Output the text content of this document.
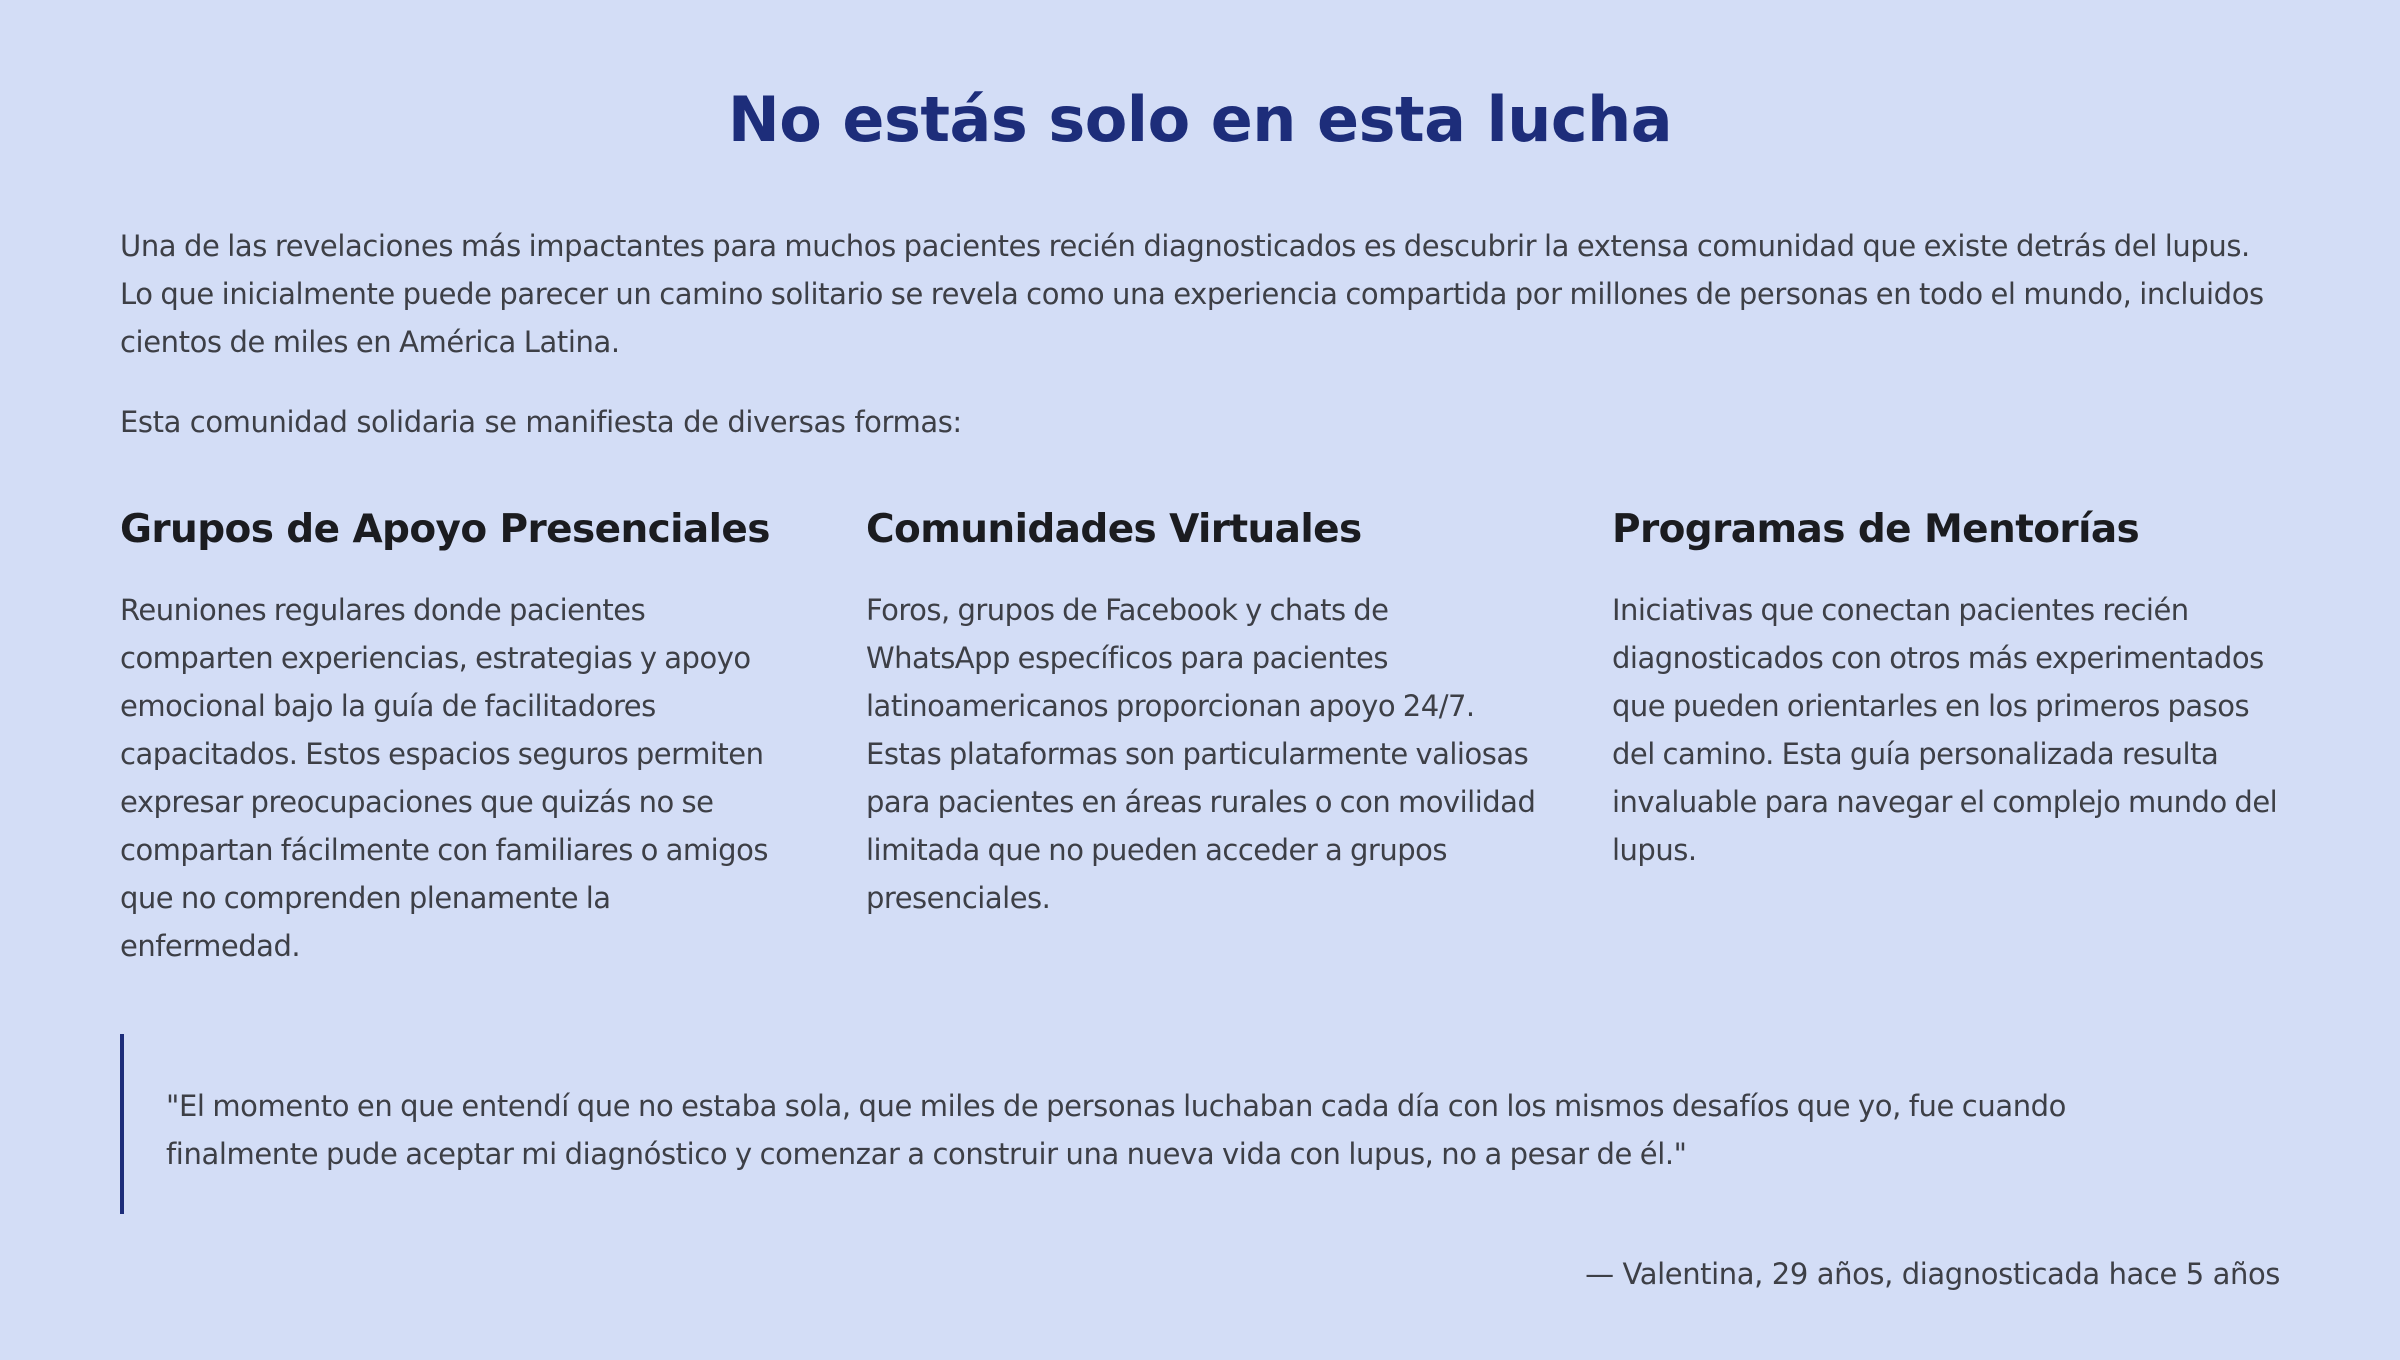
No estás solo en esta lucha

Una de las revelaciones más impactantes para muchos pacientes recién diagnosticados es descubrir la extensa comunidad que existe detrás del lupus. Lo que inicialmente puede parecer un camino solitario se revela como una experiencia compartida por millones de personas en todo el mundo, incluidos cientos de miles en América Latina.

Esta comunidad solidaria se manifiesta de diversas formas:

Grupos de Apoyo Presenciales

Reuniones regulares donde pacientes comparten experiencias, estrategias y apoyo emocional bajo la guía de facilitadores capacitados. Estos espacios seguros permiten expresar preocupaciones que quizás no se compartan fácilmente con familiares o amigos que no comprenden plenamente la enfermedad.

Comunidades Virtuales

Foros, grupos de Facebook y chats de WhatsApp específicos para pacientes latinoamericanos proporcionan apoyo 24/7. Estas plataformas son particularmente valiosas para pacientes en áreas rurales o con movilidad limitada que no pueden acceder a grupos presenciales.

Programas de Mentorías

Iniciativas que conectan pacientes recién diagnosticados con otros más experimentados que pueden orientarles en los primeros pasos del camino. Esta guía personalizada resulta invaluable para navegar el complejo mundo del lupus.

"El momento en que entendí que no estaba sola, que miles de personas luchaban cada día con los mismos desafíos que yo, fue cuando finalmente pude aceptar mi diagnóstico y comenzar a construir una nueva vida con lupus, no a pesar de él."
— Valentina, 29 años, diagnosticada hace 5 años
